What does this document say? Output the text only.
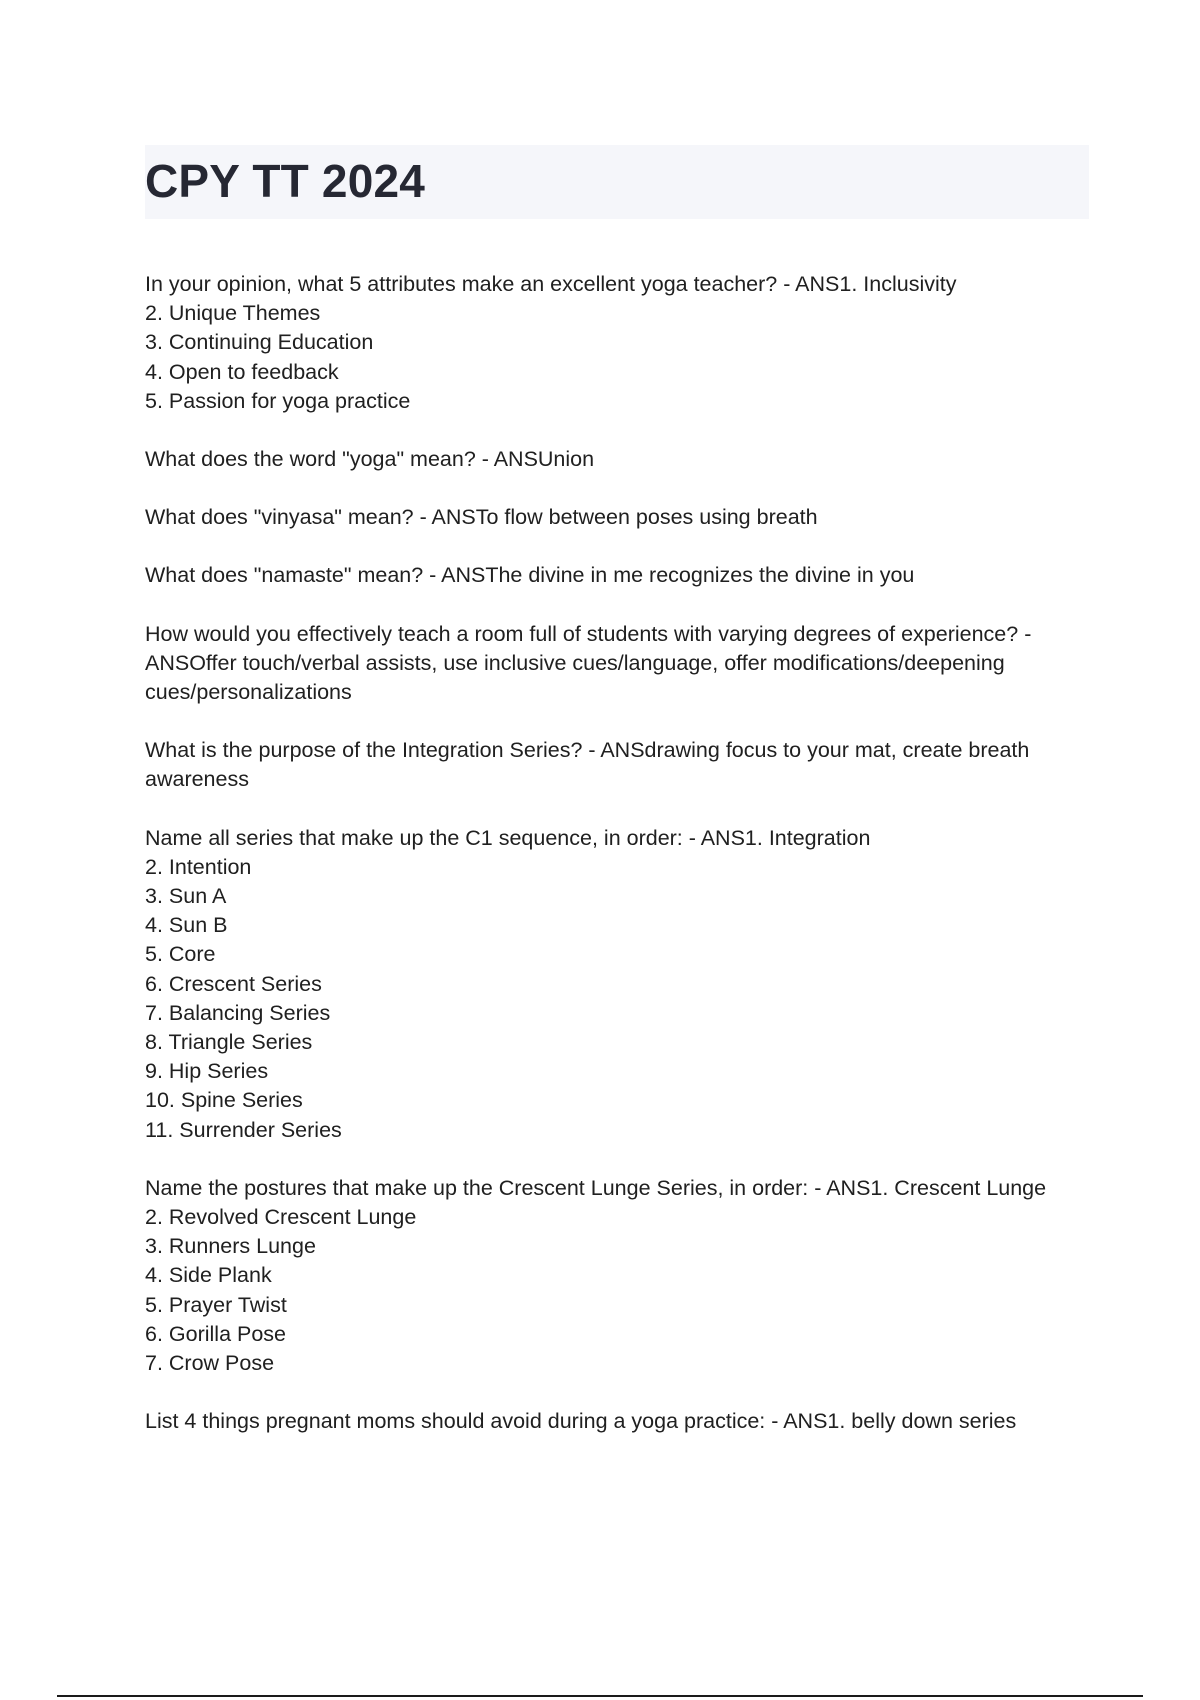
CPY TT 2024
In your opinion, what 5 attributes make an excellent yoga teacher? - ANS1. Inclusivity
2. Unique Themes
3. Continuing Education
4. Open to feedback
5. Passion for yoga practice
What does the word "yoga" mean? - ANSUnion
What does "vinyasa" mean? - ANSTo flow between poses using breath
What does "namaste" mean? - ANSThe divine in me recognizes the divine in you
How would you effectively teach a room full of students with varying degrees of experience? -
ANSOffer touch/verbal assists, use inclusive cues/language, offer modifications/deepening
cues/personalizations
What is the purpose of the Integration Series? - ANSdrawing focus to your mat, create breath
awareness
Name all series that make up the C1 sequence, in order: - ANS1. Integration
2. Intention
3. Sun A
4. Sun B
5. Core
6. Crescent Series
7. Balancing Series
8. Triangle Series
9. Hip Series
10. Spine Series
11. Surrender Series
Name the postures that make up the Crescent Lunge Series, in order: - ANS1. Crescent Lunge
2. Revolved Crescent Lunge
3. Runners Lunge
4. Side Plank
5. Prayer Twist
6. Gorilla Pose
7. Crow Pose
List 4 things pregnant moms should avoid during a yoga practice: - ANS1. belly down series
